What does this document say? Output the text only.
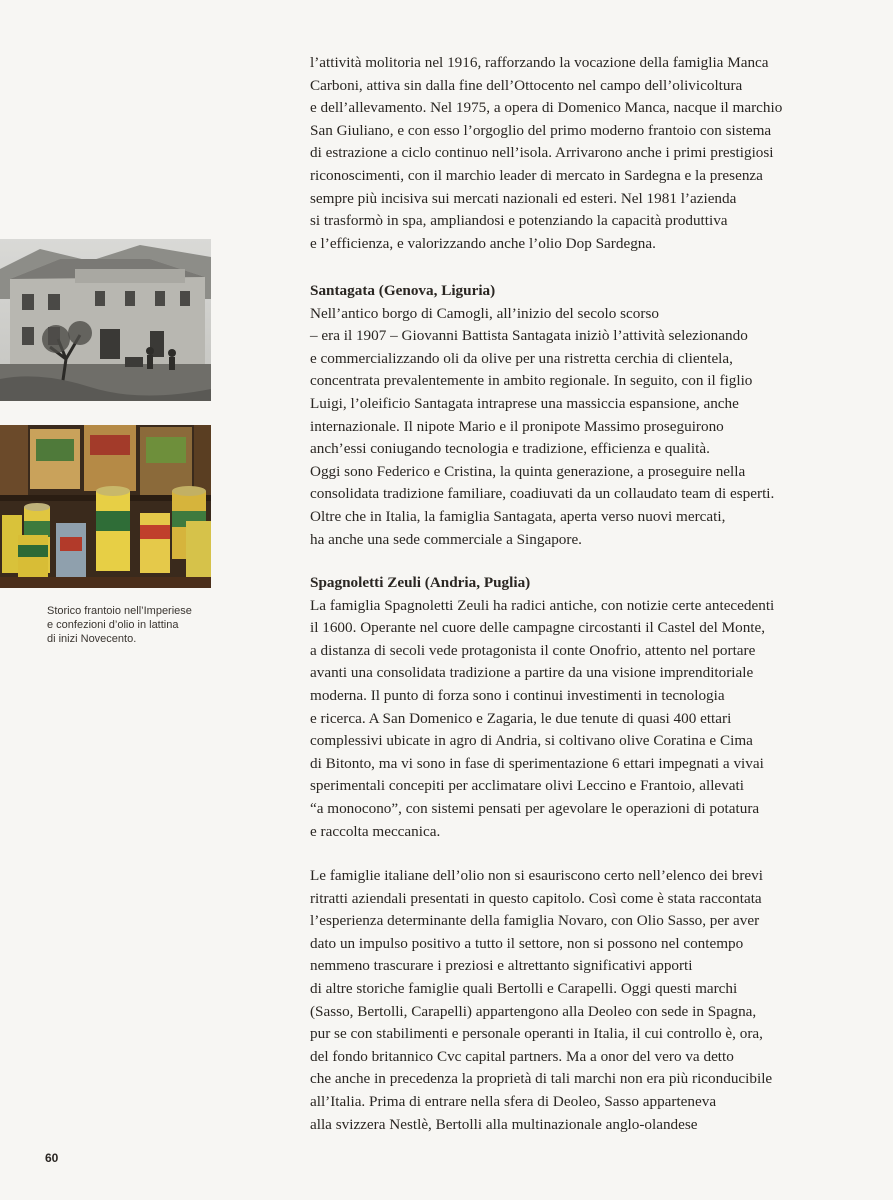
Storico frantoio nell’Imperiese
e confezioni d’olio in lattina
di inizi Novecento.
l’attività molitoria nel 1916, rafforzando la vocazione della famiglia Manca
Carboni, attiva sin dalla fine dell’Ottocento nel campo dell’olivicoltura
e dell’allevamento. Nel 1975, a opera di Domenico Manca, nacque il marchio
San Giuliano, e con esso l’orgoglio del primo moderno frantoio con sistema
di estrazione a ciclo continuo nell’isola. Arrivarono anche i primi prestigiosi
riconoscimenti, con il marchio leader di mercato in Sardegna e la presenza
sempre più incisiva sui mercati nazionali ed esteri. Nel 1981 l’azienda
si trasformò in spa, ampliandosi e potenziando la capacità produttiva
e l’efficienza, e valorizzando anche l’olio Dop Sardegna.
Santagata (Genova, Liguria)
Nell’antico borgo di Camogli, all’inizio del secolo scorso
– era il 1907 – Giovanni Battista Santagata iniziò l’attività selezionando
e commercializzando oli da olive per una ristretta cerchia di clientela,
concentrata prevalentemente in ambito regionale. In seguito, con il figlio
Luigi, l’oleificio Santagata intraprese una massiccia espansione, anche
internazionale. Il nipote Mario e il pronipote Massimo proseguirono
anch’essi coniugando tecnologia e tradizione, efficienza e qualità.
Oggi sono Federico e Cristina, la quinta generazione, a proseguire nella
consolidata tradizione familiare, coadiuvati da un collaudato team di esperti.
Oltre che in Italia, la famiglia Santagata, aperta verso nuovi mercati,
ha anche una sede commerciale a Singapore.
Spagnoletti Zeuli (Andria, Puglia)
La famiglia Spagnoletti Zeuli ha radici antiche, con notizie certe antecedenti
il 1600. Operante nel cuore delle campagne circostanti il Castel del Monte,
a distanza di secoli vede protagonista il conte Onofrio, attento nel portare
avanti una consolidata tradizione a partire da una visione imprenditoriale
moderna. Il punto di forza sono i continui investimenti in tecnologia
e ricerca. A San Domenico e Zagaria, le due tenute di quasi 400 ettari
complessivi ubicate in agro di Andria, si coltivano olive Coratina e Cima
di Bitonto, ma vi sono in fase di sperimentazione 6 ettari impegnati a vivai
sperimentali concepiti per acclimatare olivi Leccino e Frantoio, allevati
“a monocono”, con sistemi pensati per agevolare le operazioni di potatura
e raccolta meccanica.
Le famiglie italiane dell’olio non si esauriscono certo nell’elenco dei brevi
ritratti aziendali presentati in questo capitolo. Così come è stata raccontata
l’esperienza determinante della famiglia Novaro, con Olio Sasso, per aver
dato un impulso positivo a tutto il settore, non si possono nel contempo
nemmeno trascurare i preziosi e altrettanto significativi apporti
di altre storiche famiglie quali Bertolli e Carapelli. Oggi questi marchi
(Sasso, Bertolli, Carapelli) appartengono alla Deoleo con sede in Spagna,
pur se con stabilimenti e personale operanti in Italia, il cui controllo è, ora,
del fondo britannico Cvc capital partners. Ma a onor del vero va detto
che anche in precedenza la proprietà di tali marchi non era più riconducibile
all’Italia. Prima di entrare nella sfera di Deoleo, Sasso apparteneva
alla svizzera Nestlè, Bertolli alla multinazionale anglo-olandese
60
